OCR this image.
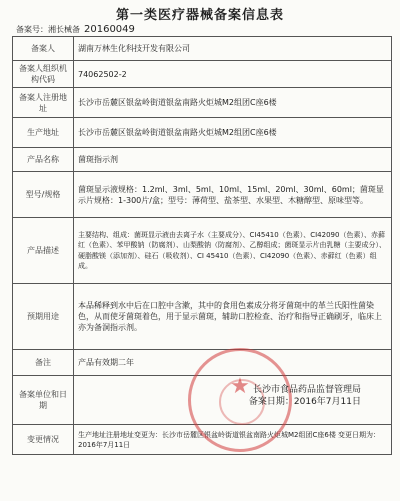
第一类医疗器械备案信息表
备案号：湘长械备 20160049
备案人	湖南万林生化科技开发有限公司
备案人组织机构代码	74062502-2
备案人注册地址	长沙市岳麓区银盆岭街道银盆南路火炬城M2组团C座6楼
生产地址	长沙市岳麓区银盆岭街道银盆南路火炬城M2组团C座6楼
产品名称	菌斑指示剂
型号/规格	菌斑显示液规格：1.2ml、3ml、5ml、10ml、15ml、20ml、30ml、60ml；菌斑显示片规格：1-300片/盒；型号：薄荷型、盐茶型、水果型、木糖醇型、原味型等。
产品描述	主要结构、组成：菌斑显示液由去离子水（主要成分）、CI45410（色素）、CI42090（色素）、赤藓红（色素）、苯甲酸钠（防腐剂）、山梨酸钠（防腐剂）、乙醇组成；菌斑显示片由乳糖（主要成分）、硬脂酸镁（添加剂）、硅石（吸收剂）、CI 45410（色素）、CI42090（色素）、赤藓红（色素）组成。
预期用途	本品稀释到水中后在口腔中含漱，其中的食用色素成分将牙菌斑中的革兰氏阳性菌染色，从而使牙菌斑着色，用于显示菌斑，辅助口腔检查、治疗和指导正确刷牙，临床上亦为备洞指示剂。
备注	产品有效期二年
备案单位和日期	★ 长沙市食品药品监督管理局
备案日期：2016年7月11日

变更情况	生产地址注册地址变更为：长沙市岳麓区银盆岭街道银盆南路火炬城M2组团C座6楼 变更日期为：2016年7月11日
